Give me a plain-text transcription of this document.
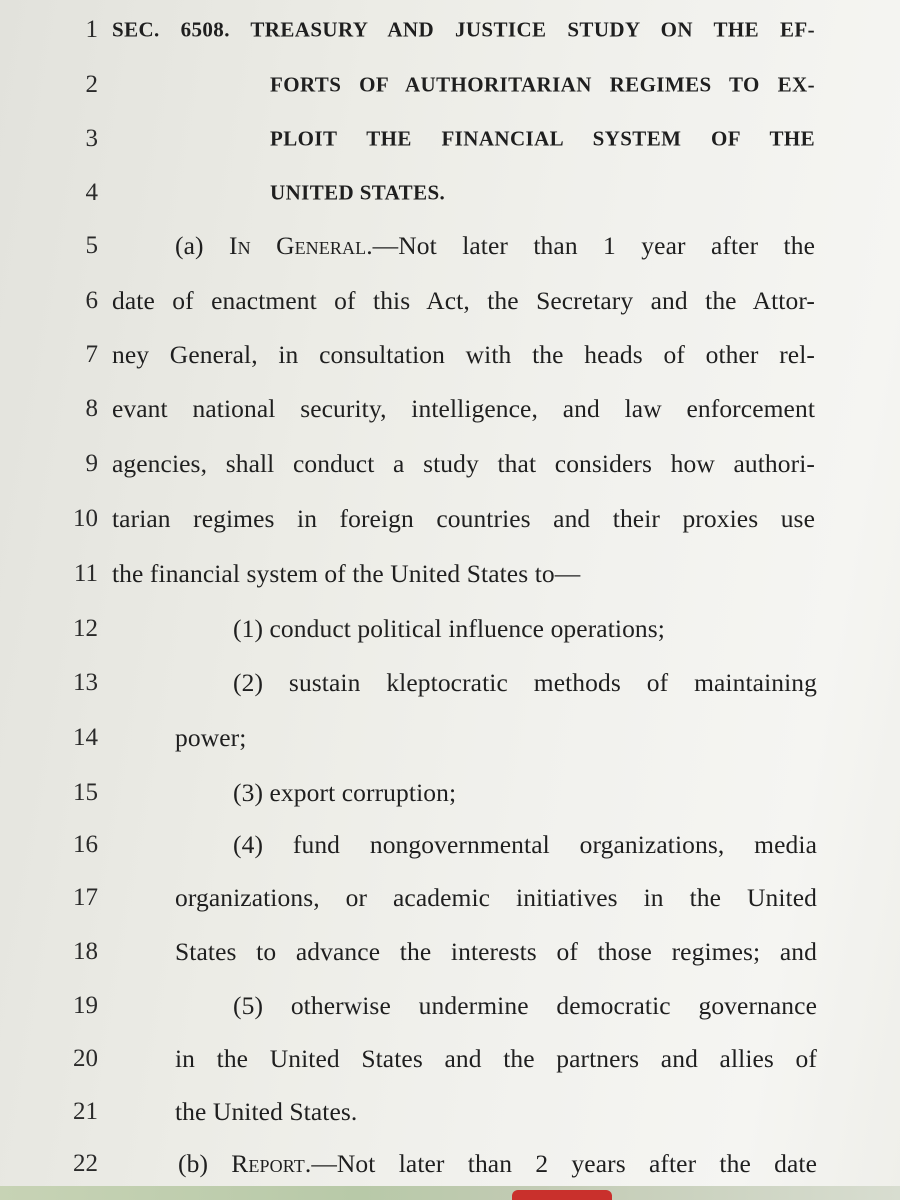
1 SEC. 6508. TREASURY AND JUSTICE STUDY ON THE EF-
2	FORTS OF AUTHORITARIAN REGIMES TO EX-
3	PLOIT THE FINANCIAL SYSTEM OF THE
4	UNITED STATES.
5	(a) In General.—Not later than 1 year after the
6 date of enactment of this Act, the Secretary and the Attor-
7 ney General, in consultation with the heads of other rel-
8 evant national security, intelligence, and law enforcement
9 agencies, shall conduct a study that considers how authori-
10 tarian regimes in foreign countries and their proxies use
11 the financial system of the United States to—
12	(1) conduct political influence operations;
13	(2) sustain kleptocratic methods of maintaining
14	power;
15	(3) export corruption;
16	(4) fund nongovernmental organizations, media
17	organizations, or academic initiatives in the United
18	States to advance the interests of those regimes; and
19	(5) otherwise undermine democratic governance
20	in the United States and the partners and allies of
21	the United States.
22	(b) Report.—Not later than 2 years after the date
